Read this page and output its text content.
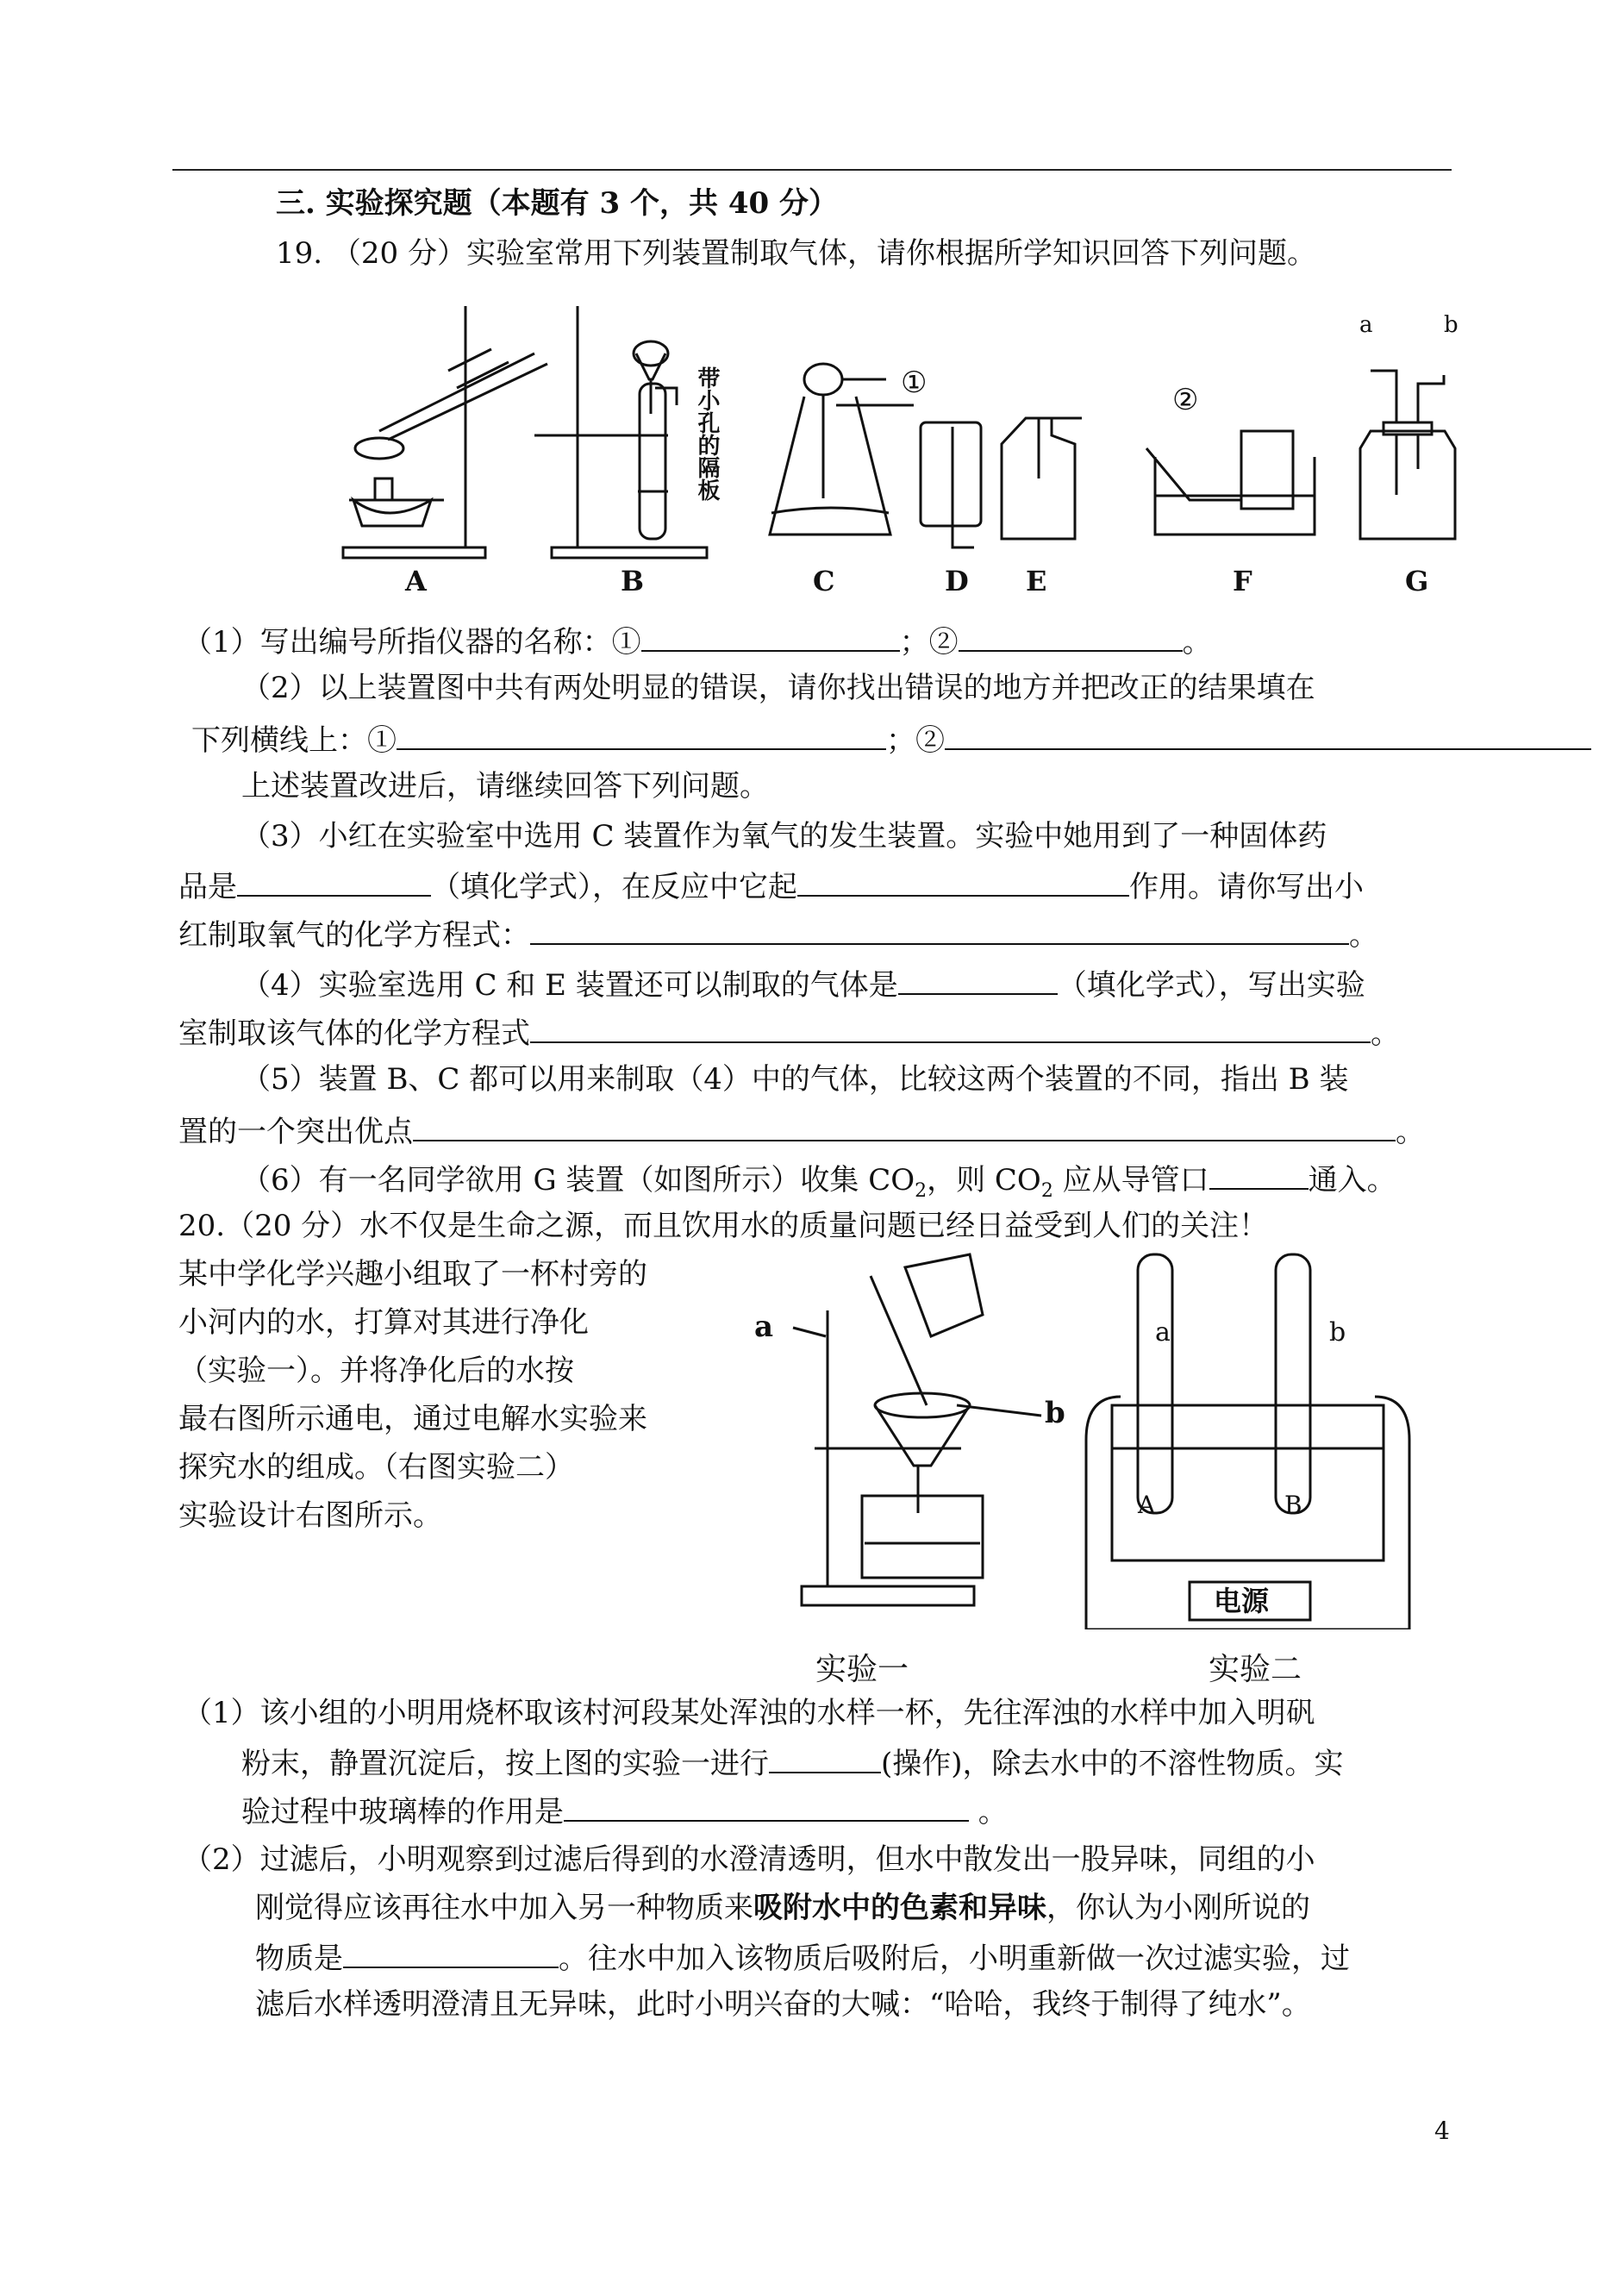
三. 实验探究题（本题有 3 个，共 40 分）
19. （20 分）实验室常用下列装置制取气体，请你根据所学知识回答下列问题。
①	②
带小孔的隔板
a	b
A	B	C	D E	F	G
（1）写出编号所指仪器的名称：①	；②	。
（2）以上装置图中共有两处明显的错误，请你找出错误的地方并把改正的结果填在
下列横线上：①	；②
上述装置改进后，请继续回答下列问题。
（3）小红在实验室中选用 C 装置作为氧气的发生装置。实验中她用到了一种固体药
品是	（填化学式），在反应中它起	作用。请你写出小
红制取氧气的化学方程式：	。
（4）实验室选用 C 和 E 装置还可以制取的气体是	（填化学式），写出实验
室制取该气体的化学方程式	。
（5）装置 B、C 都可以用来制取（4）中的气体，比较这两个装置的不同，指出 B 装
置的一个突出优点	。
（6）有一名同学欲用 G 装置（如图所示）收集 $CO_2$，则 $CO_2$ 应从导管口	通入。
20.（20 分）水不仅是生命之源，而且饮用水的质量问题已经日益受到人们的关注！
某中学化学兴趣小组取了一杯村旁的
小河内的水，打算对其进行净化
（实验一）。并将净化后的水按
最右图所示通电，通过电解水实验来
探究水的组成。（右图实验二）
实验设计右图所示。
a
b
a	b
A	B
电源
实验一	实验二
（1）该小组的小明用烧杯取该村河段某处浑浊的水样一杯，先往浑浊的水样中加入明矾
粉末，静置沉淀后，按上图的实验一进行	(操作)，除去水中的不溶性物质。实
验过程中玻璃棒的作用是	。
（2）过滤后，小明观察到过滤后得到的水澄清透明，但水中散发出一股异味，同组的小
刚觉得应该再往水中加入另一种物质来吸附水中的色素和异味，你认为小刚所说的
物质是	。往水中加入该物质后吸附后，小明重新做一次过滤实验，过
滤后水样透明澄清且无异味，此时小明兴奋的大喊：“哈哈，我终于制得了纯水”。
4
